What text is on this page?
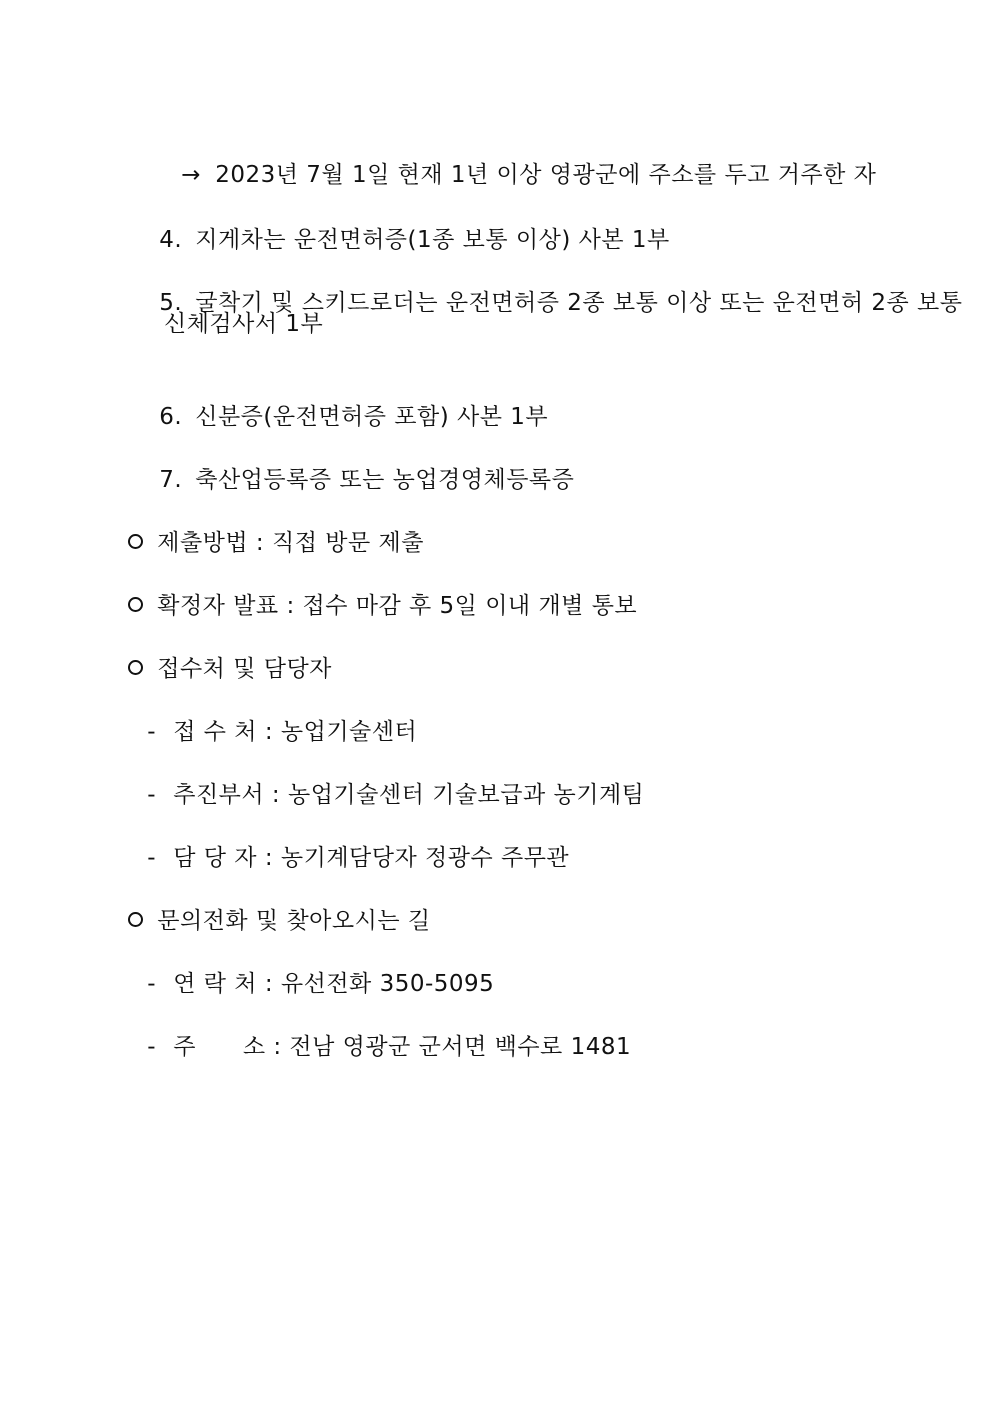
→ 2023년 7월 1일 현재 1년 이상 영광군에 주소를 두고 거주한 자

4. 지게차는 운전면허증(1종 보통 이상) 사본 1부

5. 굴착기 및 스키드로더는 운전면허증 2종 보통 이상 또는 운전면허 2종 보통

신체검사서 1부

6. 신분증(운전면허증 포함) 사본 1부

7. 축산업등록증 또는 농업경영체등록증

제출방법 : 직접 방문 제출

확정자 발표 : 접수 마감 후 5일 이내 개별 통보

접수처 및 담당자

- 접 수 처 : 농업기술센터

- 추진부서 : 농업기술센터 기술보급과 농기계팀

- 담 당 자 : 농기계담당자 정광수 주무관

문의전화 및 찾아오시는 길

- 연 락 처 : 유선전화 350-5095

- 주      소 : 전남 영광군 군서면 백수로 1481
